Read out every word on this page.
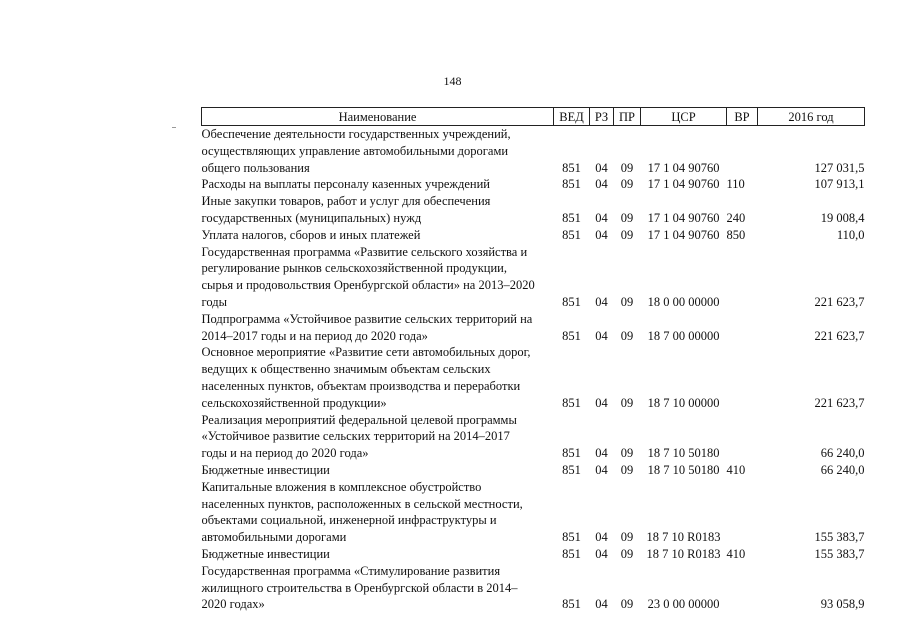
148
Наименование	ВЕД	РЗ	ПР	ЦСР	ВР	2016 год

Обеспечение деятельности государственных учреждений,
осуществляющих управление автомобильными дорогами
общего пользования	851	04	09	17 1 04 90760		127 031,5

Расходы на выплаты персоналу казенных учреждений	851	04	09	17 1 04 90760	110	107 913,1

Иные закупки товаров, работ и услуг для обеспечения
государственных (муниципальных) нужд	851	04	09	17 1 04 90760	240	19 008,4

Уплата налогов, сборов и иных платежей	851	04	09	17 1 04 90760	850	110,0

Государственная программа «Развитие сельского хозяйства и
регулирование рынков сельскохозяйственной продукции,
сырья и продовольствия Оренбургской области» на 2013–2020
годы	851	04	09	18 0 00 00000		221 623,7

Подпрограмма «Устойчивое развитие сельских территорий на
2014–2017 годы и на период до 2020 года»	851	04	09	18 7 00 00000		221 623,7

Основное мероприятие «Развитие сети автомобильных дорог,
ведущих к общественно значимым объектам сельских
населенных пунктов, объектам производства и переработки
сельскохозяйственной продукции»	851	04	09	18 7 10 00000		221 623,7

Реализация мероприятий федеральной целевой программы
«Устойчивое развитие сельских территорий на 2014–2017
годы и на период до 2020 года»	851	04	09	18 7 10 50180		66 240,0

Бюджетные инвестиции	851	04	09	18 7 10 50180	410	66 240,0

Капитальные вложения в комплексное обустройство
населенных пунктов, расположенных в сельской местности,
объектами социальной, инженерной инфраструктуры и
автомобильными дорогами	851	04	09	18 7 10 R0183		155 383,7

Бюджетные инвестиции	851	04	09	18 7 10 R0183	410	155 383,7

Государственная программа «Стимулирование развития
жилищного строительства в Оренбургской области в 2014–
2020 годах»	851	04	09	23 0 00 00000		93 058,9
